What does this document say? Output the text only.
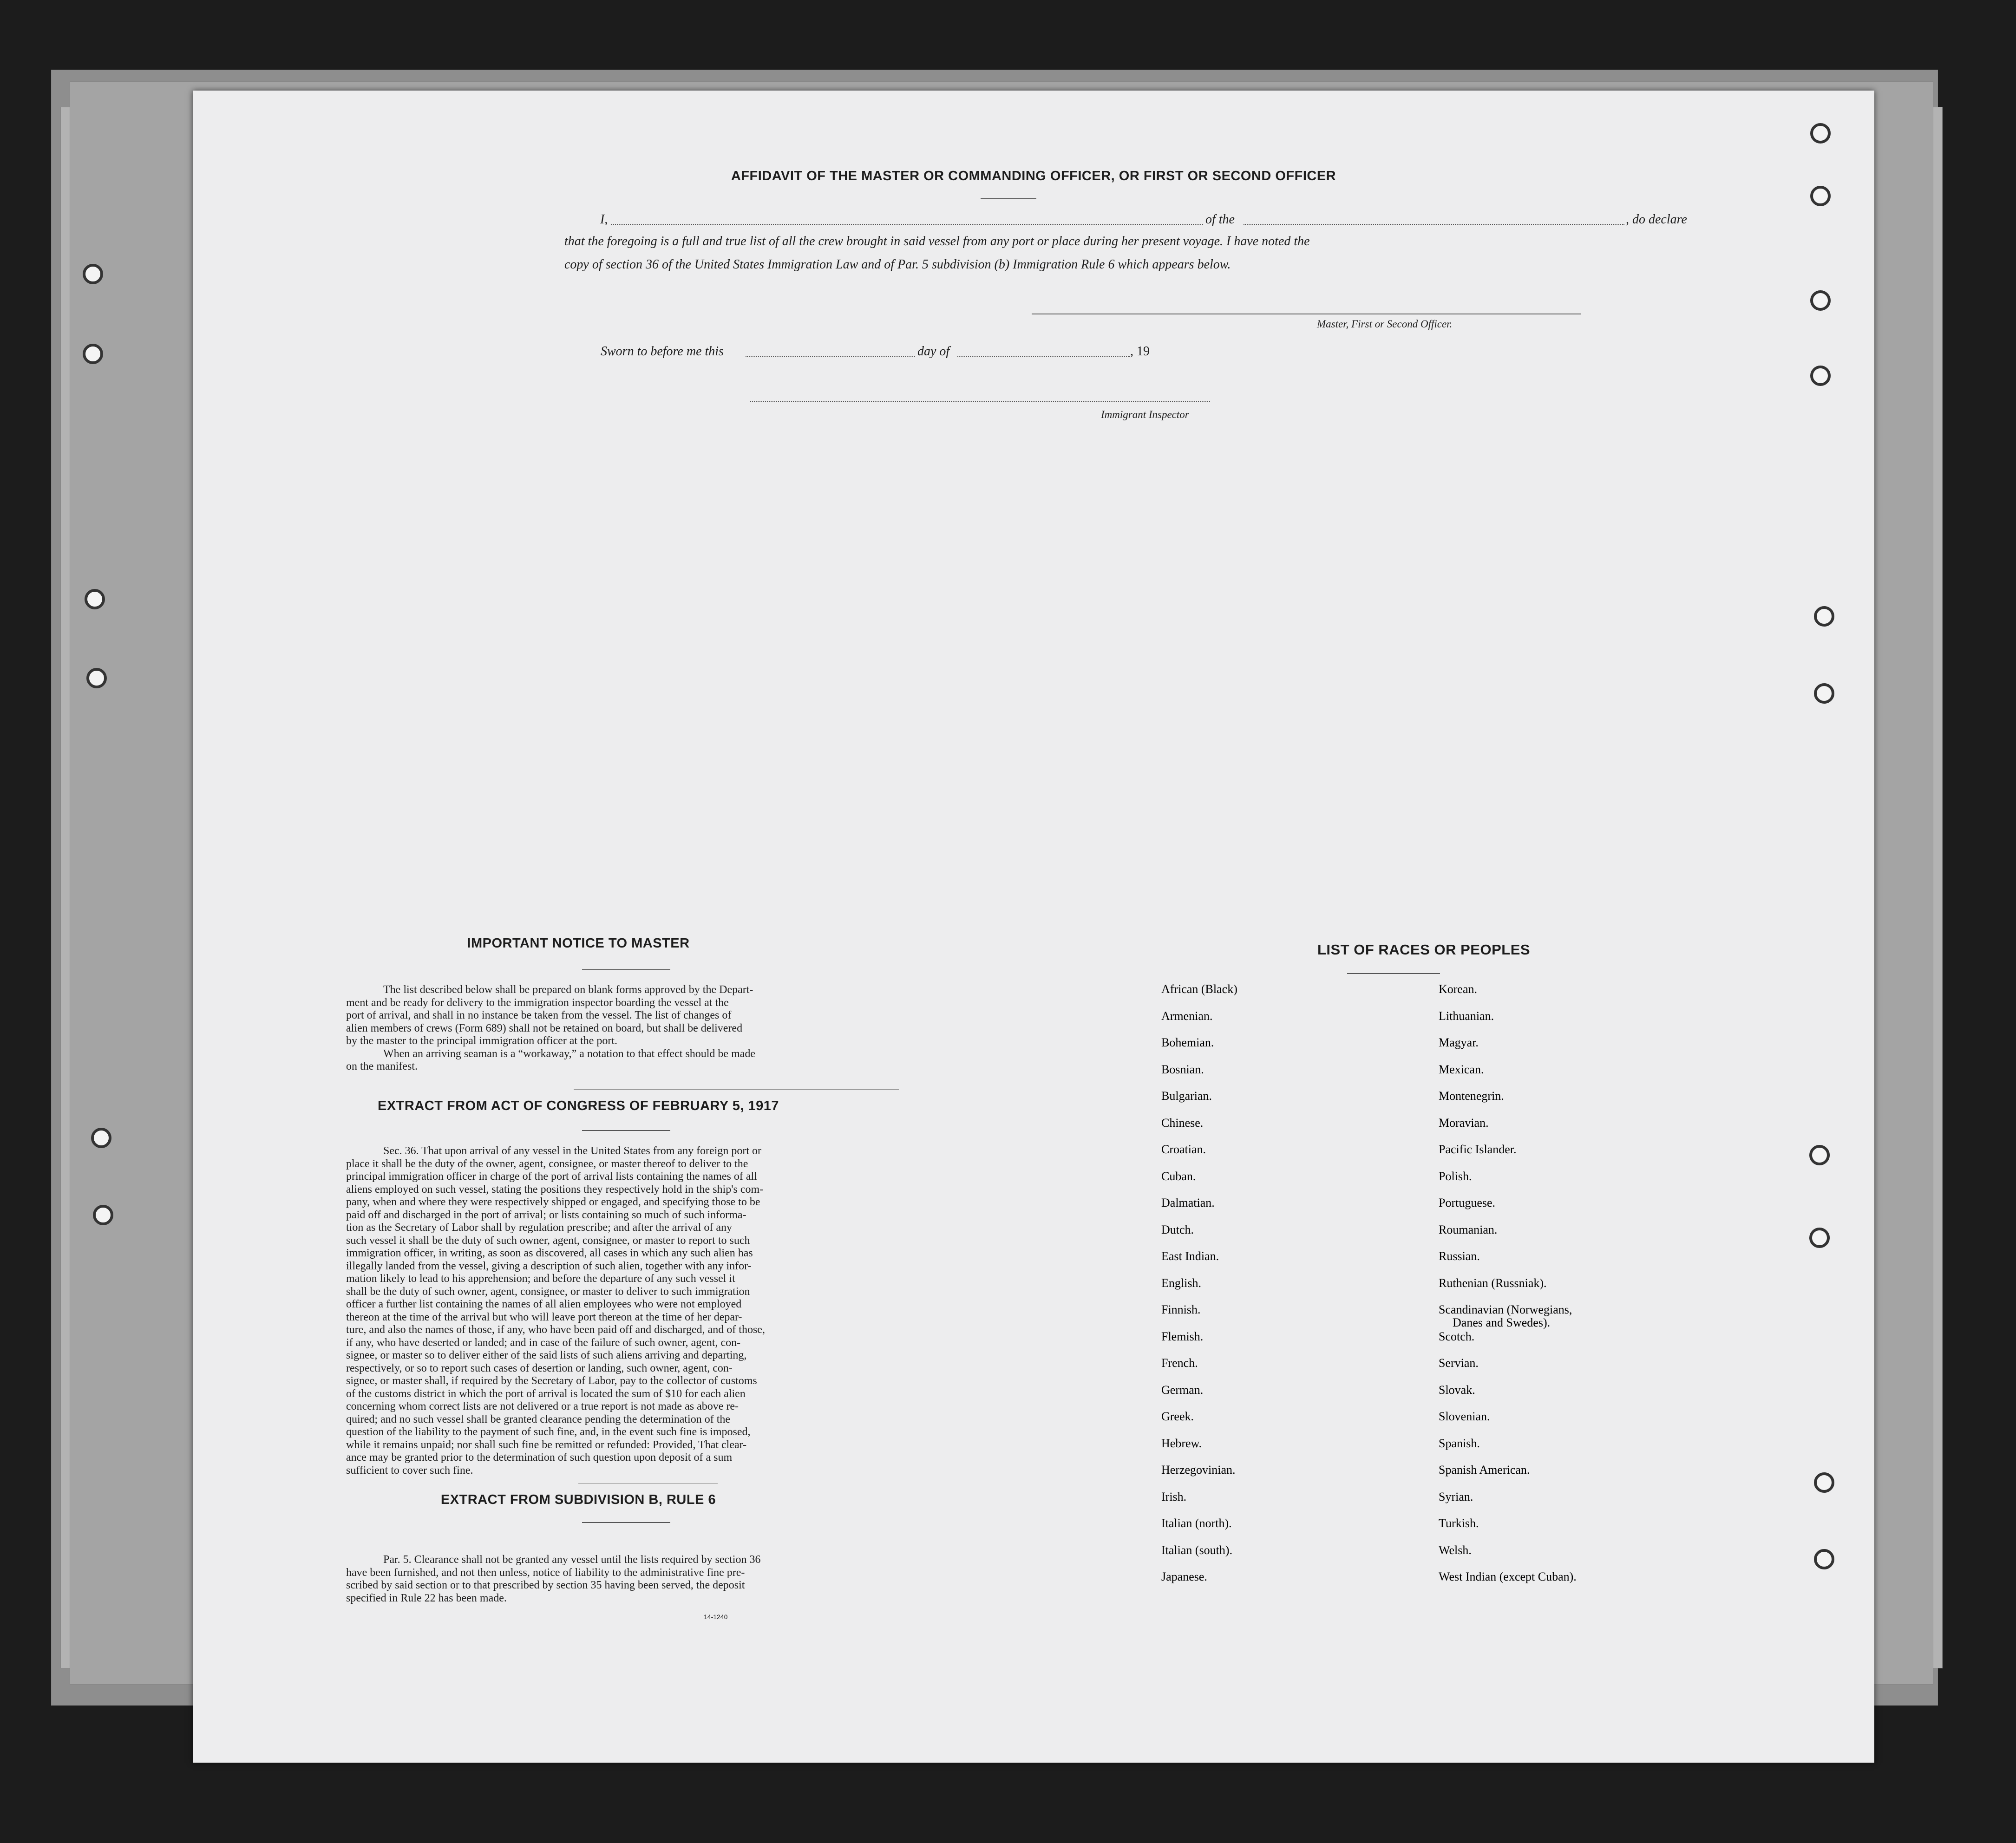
AFFIDAVIT OF THE MASTER OR COMMANDING OFFICER, OR FIRST OR SECOND OFFICER
I,	of the	, do declare
that the foregoing is a full and true list of all the crew brought in said vessel from any port or place during her present voyage. I have noted the
copy of section 36 of the United States Immigration Law and of Par. 5 subdivision (b) Immigration Rule 6 which appears below.
Master, First or Second Officer.
Sworn to before me this	day of	, 19
Immigrant Inspector
IMPORTANT NOTICE TO MASTER
The list described below shall be prepared on blank forms approved by the Depart-
ment and be ready for delivery to the immigration inspector boarding the vessel at the
port of arrival, and shall in no instance be taken from the vessel. The list of changes of
alien members of crews (Form 689) shall not be retained on board, but shall be delivered
by the master to the principal immigration officer at the port.
When an arriving seaman is a “workaway,” a notation to that effect should be made
on the manifest.
EXTRACT FROM ACT OF CONGRESS OF FEBRUARY 5, 1917
Sec. 36. That upon arrival of any vessel in the United States from any foreign port or
place it shall be the duty of the owner, agent, consignee, or master thereof to deliver to the
principal immigration officer in charge of the port of arrival lists containing the names of all
aliens employed on such vessel, stating the positions they respectively hold in the ship's com-
pany, when and where they were respectively shipped or engaged, and specifying those to be
paid off and discharged in the port of arrival; or lists containing so much of such informa-
tion as the Secretary of Labor shall by regulation prescribe; and after the arrival of any
such vessel it shall be the duty of such owner, agent, consignee, or master to report to such
immigration officer, in writing, as soon as discovered, all cases in which any such alien has
illegally landed from the vessel, giving a description of such alien, together with any infor-
mation likely to lead to his apprehension; and before the departure of any such vessel it
shall be the duty of such owner, agent, consignee, or master to deliver to such immigration
officer a further list containing the names of all alien employees who were not employed
thereon at the time of the arrival but who will leave port thereon at the time of her depar-
ture, and also the names of those, if any, who have been paid off and discharged, and of those,
if any, who have deserted or landed; and in case of the failure of such owner, agent, con-
signee, or master so to deliver either of the said lists of such aliens arriving and departing,
respectively, or so to report such cases of desertion or landing, such owner, agent, con-
signee, or master shall, if required by the Secretary of Labor, pay to the collector of customs
of the customs district in which the port of arrival is located the sum of $10 for each alien
concerning whom correct lists are not delivered or a true report is not made as above re-
quired; and no such vessel shall be granted clearance pending the determination of the
question of the liability to the payment of such fine, and, in the event such fine is imposed,
while it remains unpaid; nor shall such fine be remitted or refunded: Provided, That clear-
ance may be granted prior to the determination of such question upon deposit of a sum
sufficient to cover such fine.
EXTRACT FROM SUBDIVISION B, RULE 6
Par. 5. Clearance shall not be granted any vessel until the lists required by section 36
have been furnished, and not then unless, notice of liability to the administrative fine pre-
scribed by said section or to that prescribed by section 35 having been served, the deposit
specified in Rule 22 has been made.
14-1240
LIST OF RACES OR PEOPLES
African (Black)
Armenian.
Bohemian.
Bosnian.
Bulgarian.
Chinese.
Croatian.
Cuban.
Dalmatian.
Dutch.
East Indian.
English.
Finnish.
Flemish.
French.
German.
Greek.
Hebrew.
Herzegovinian.
Irish.
Italian (north).
Italian (south).
Japanese.
Korean.
Lithuanian.
Magyar.
Mexican.
Montenegrin.
Moravian.
Pacific Islander.
Polish.
Portuguese.
Roumanian.
Russian.
Ruthenian (Russniak).
Scandinavian (Norwegians,
Scotch.
Servian.
Slovak.
Slovenian.
Spanish.
Spanish American.
Syrian.
Turkish.
Welsh.
West Indian (except Cuban).
Danes and Swedes).
